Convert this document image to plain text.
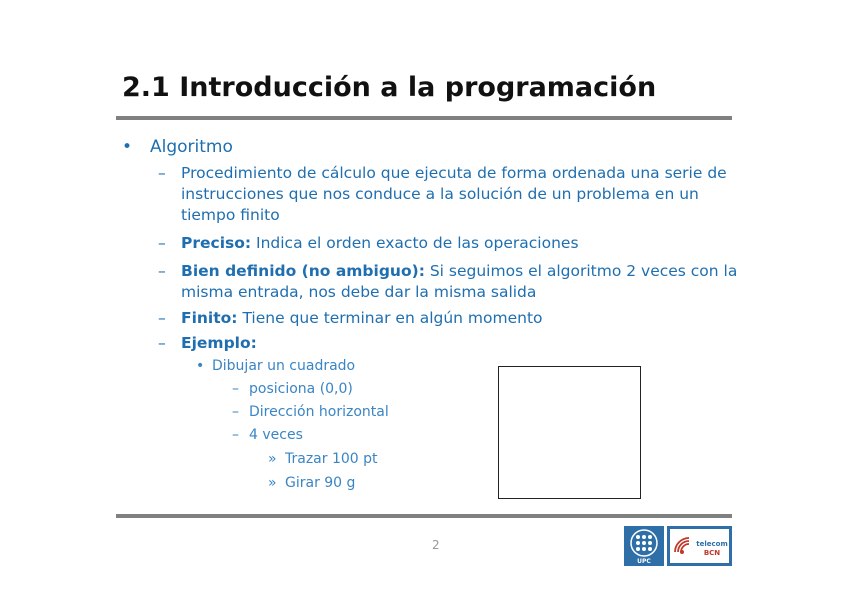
2.1 Introducción a la programación
• Algoritmo
– Procedimiento de cálculo que ejecuta de forma ordenada una serie de instrucciones que nos conduce a la solución de un problema en un tiempo finito
– Preciso: Indica el orden exacto de las operaciones
– Bien definido (no ambiguo): Si seguimos el algoritmo 2 veces con la misma entrada, nos debe dar la misma salida
– Finito: Tiene que terminar en algún momento
– Ejemplo:
• Dibujar un cuadrado
– posiciona (0,0)
– Dirección horizontal
– 4 veces
» Trazar 100 pt
» Girar 90 g
2
UPC
telecom
BCN
